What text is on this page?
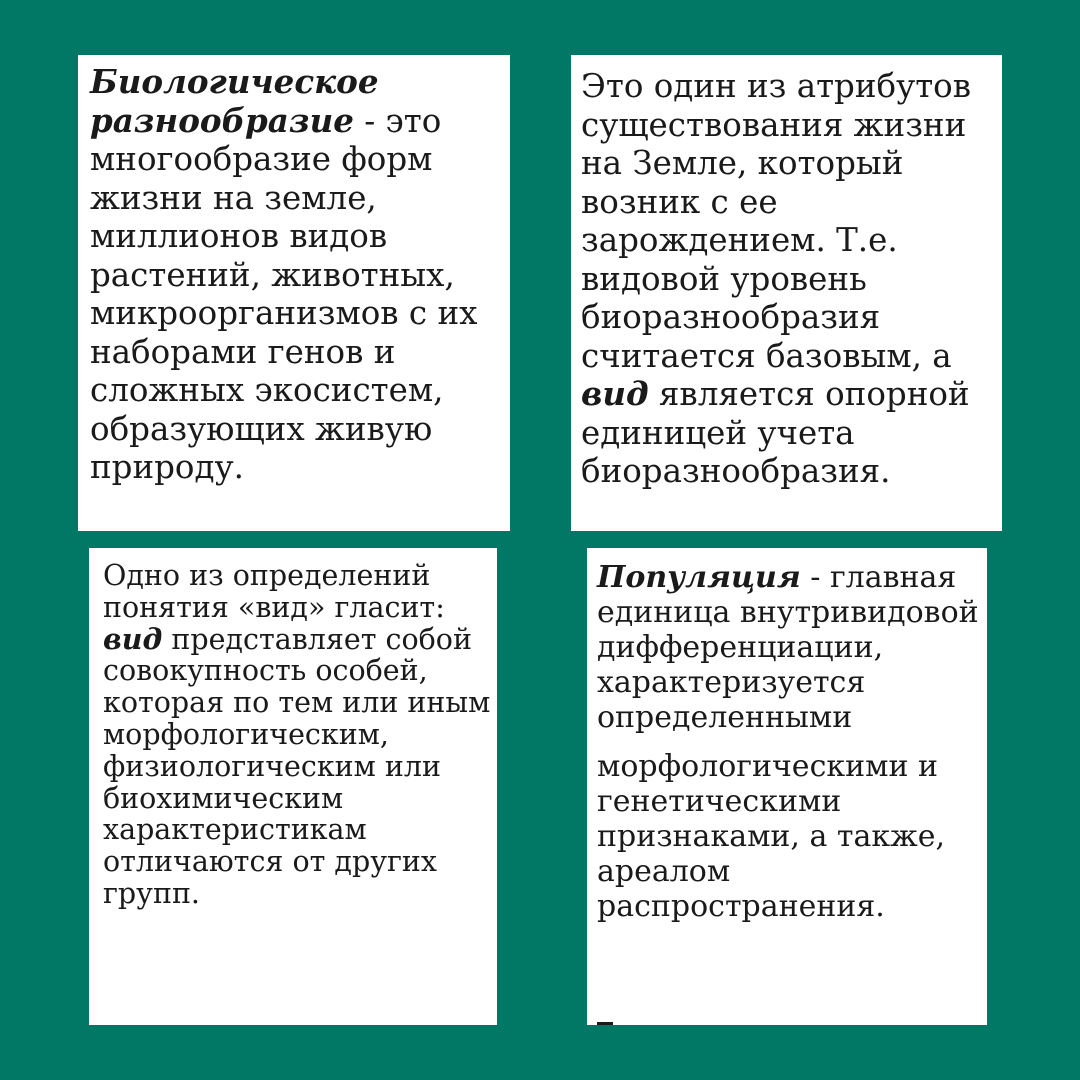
Биологическое разнообразие - это многообразие форм жизни на земле, миллионов видов растений, животных, микроорганизмов с их наборами генов и сложных экосистем, образующих живую природу.

Это один из атрибутов существования жизни на Земле, который возник с ее зарождением. Т.е. видовой уровень биоразнообразия считается базовым, а вид является опорной единицей учета биоразнообразия.

Одно из определений понятия «вид» гласит: вид представляет собой совокупность особей, которая по тем или иным морфологическим, физиологическим или биохимическим характеристикам отличаются от других групп.

Популяция - главная единица внутривидовой дифференциации, характеризуется определенными

морфологическими и генетическими признаками, а также, ареалом распространения.
